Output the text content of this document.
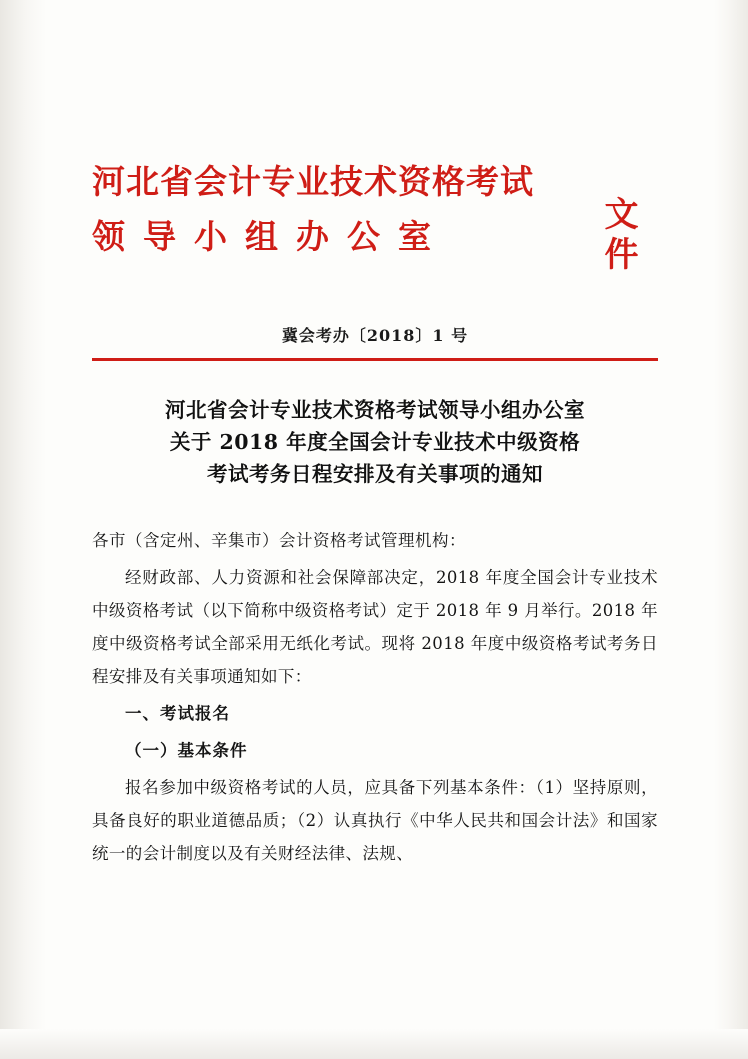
河北省会计专业技术资格考试
领导小组办公室
文件
冀会考办〔2018〕1 号
河北省会计专业技术资格考试领导小组办公室
关于 2018 年度全国会计专业技术中级资格
考试考务日程安排及有关事项的通知
各市（含定州、辛集市）会计资格考试管理机构：
经财政部、人力资源和社会保障部决定，2018 年度全国会计专业技术中级资格考试（以下简称中级资格考试）定于 2018 年 9 月举行。2018 年度中级资格考试全部采用无纸化考试。现将 2018 年度中级资格考试考务日程安排及有关事项通知如下：
一、考试报名
（一）基本条件
报名参加中级资格考试的人员，应具备下列基本条件：（1）坚持原则，具备良好的职业道德品质；（2）认真执行《中华人民共和国会计法》和国家统一的会计制度以及有关财经法律、法规、
